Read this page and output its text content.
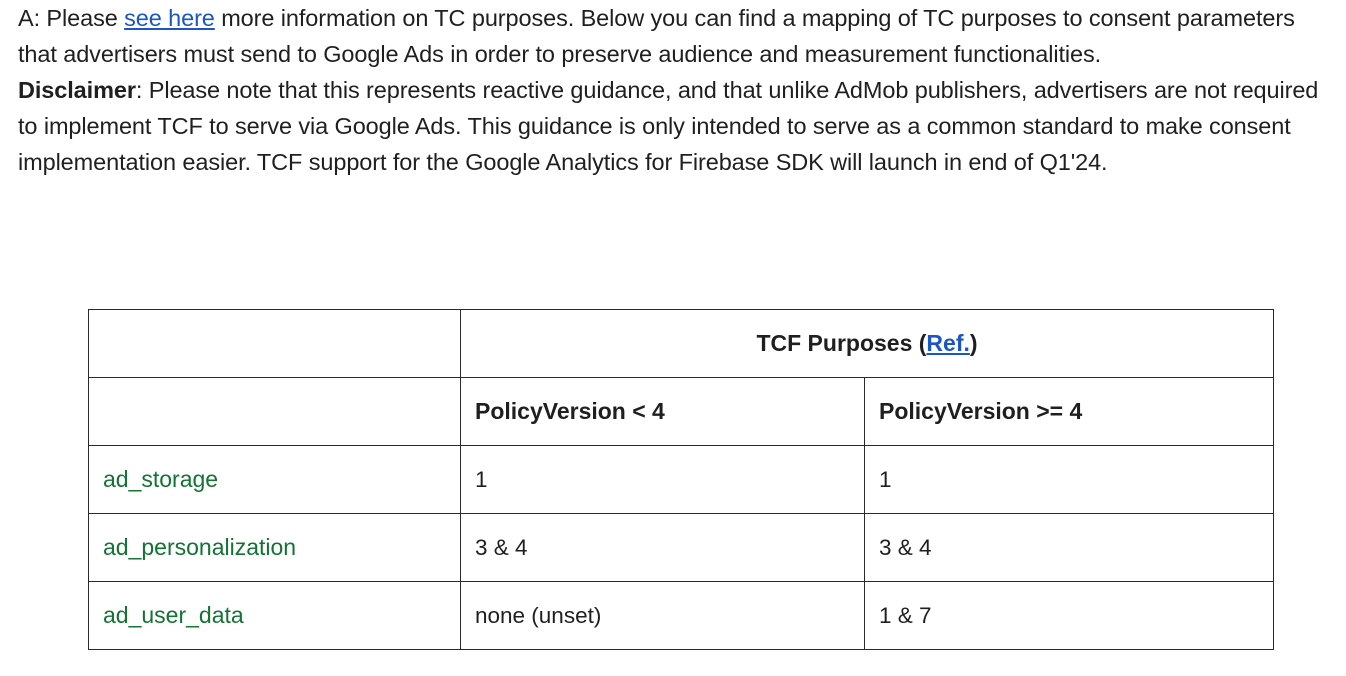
A: Please see here more information on TC purposes. Below you can find a mapping of TC purposes to consent parameters that advertisers must send to Google Ads in order to preserve audience and measurement functionalities.

Disclaimer: Please note that this represents reactive guidance, and that unlike AdMob publishers, advertisers are not required to implement TCF to serve via Google Ads. This guidance is only intended to serve as a common standard to make consent implementation easier. TCF support for the Google Analytics for Firebase SDK will launch in end of Q1'24.

	TCF Purposes (Ref.)	
	PolicyVersion < 4	PolicyVersion >= 4
ad_storage	1	1
ad_personalization	3 & 4	3 & 4
ad_user_data	none (unset)	1 & 7
